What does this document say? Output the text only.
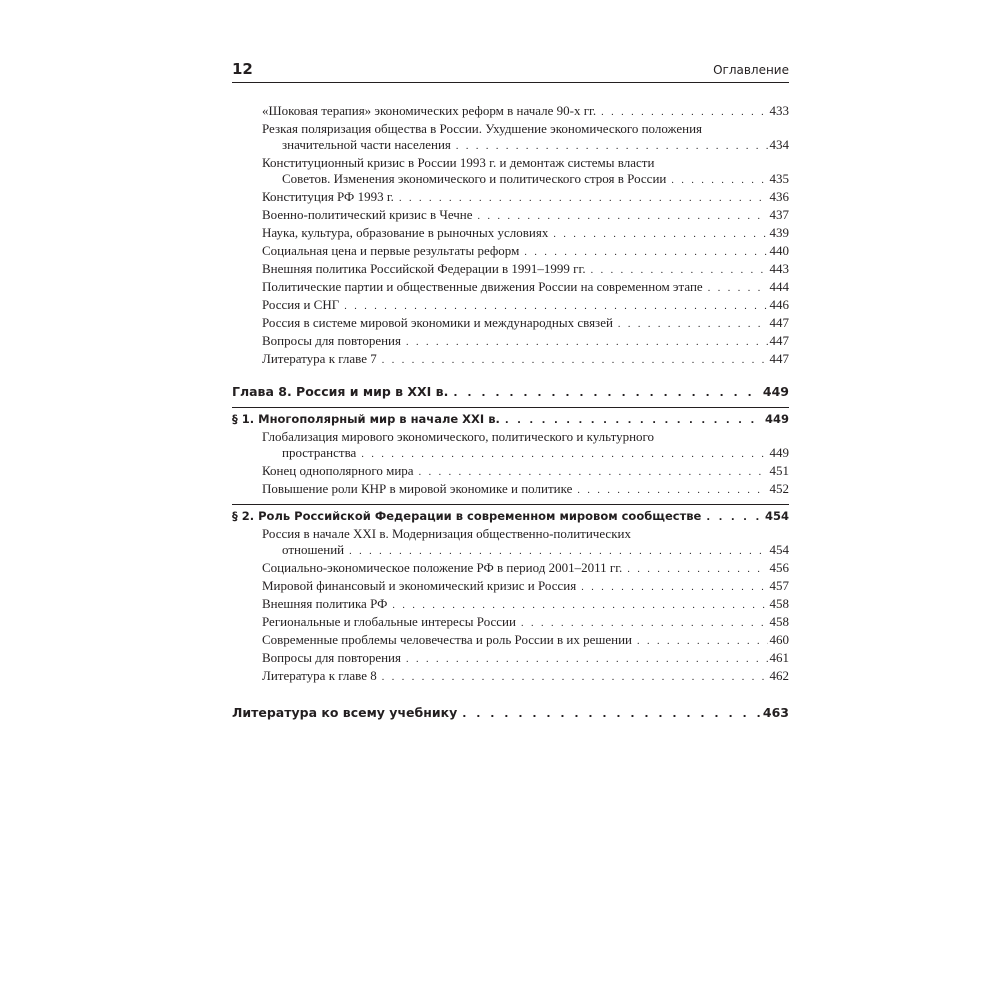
12	Оглавление
«Шоковая терапия» экономических реформ в начале 90-х гг. . . .	433
Резкая поляризация общества в России. Ухудшение экономического положения
значительной части населения . . .	434
Конституционный кризис в России 1993 г. и демонтаж системы власти
Советов. Изменения экономического и политического строя в России . . .	435
Конституция РФ 1993 г. . . .	436
Военно-политический кризис в Чечне . . .	437
Наука, культура, образование в рыночных условиях . . .	439
Социальная цена и первые результаты реформ . . .	440
Внешняя политика Российской Федерации в 1991–1999 гг. . . .	443
Политические партии и общественные движения России на современном этапе . . .	444
Россия и СНГ . . .	446
Россия в системе мировой экономики и международных связей . . .	447
Вопросы для повторения . . .	447
Литература к главе 7 . . .	447
Глава 8. Россия и мир в XXI в. . . .	449
§ 1. Многополярный мир в начале XXI в. . . .	449
Глобализация мирового экономического, политического и культурного
пространства . . .	449
Конец однополярного мира . . .	451
Повышение роли КНР в мировой экономике и политике . . .	452
§ 2. Роль Российской Федерации в современном мировом сообществе . . .	454
Россия в начале XXI в. Модернизация общественно-политических
отношений . . .	454
Социально-экономическое положение РФ в период 2001–2011 гг. . . .	456
Мировой финансовый и экономический кризис и Россия . . .	457
Внешняя политика РФ . . .	458
Региональные и глобальные интересы России . . .	458
Современные проблемы человечества и роль России в их решении . . .	460
Вопросы для повторения . . .	461
Литература к главе 8 . . .	462
Литература ко всему учебнику . . .	463
